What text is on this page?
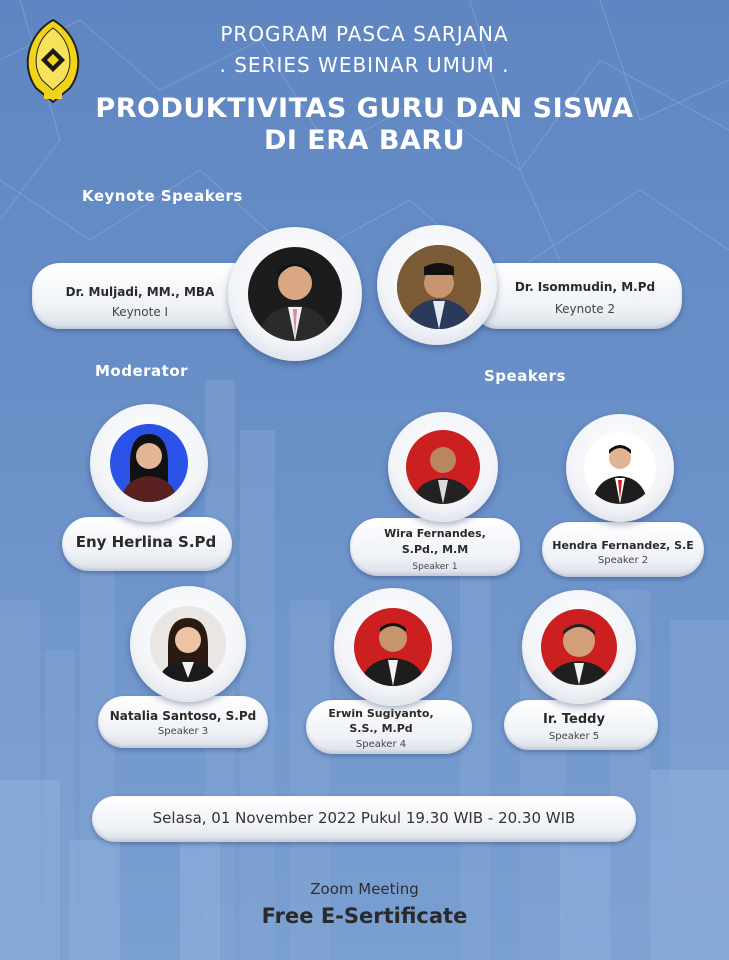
PROGRAM PASCA SARJANA
. SERIES WEBINAR UMUM .
PRODUKTIVITAS GURU DAN SISWA
DI ERA BARU
Keynote Speakers
Moderator	Speakers
Dr. Muljadi, MM., MBA
Keynote I
Dr. Isommudin, M.Pd
Keynote 2
Eny Herlina S.Pd	Wira Fernandes,
S.Pd., M.M
Speaker 1
Hendra Fernandez, S.E
Speaker 2
Natalia Santoso, S.Pd
Speaker 3
Erwin Sugiyanto,
S.S., M.Pd
Speaker 4
Ir. Teddy
Speaker 5
Selasa, 01 November 2022 Pukul 19.30 WIB - 20.30 WIB
Zoom Meeting
Free E-Sertificate
